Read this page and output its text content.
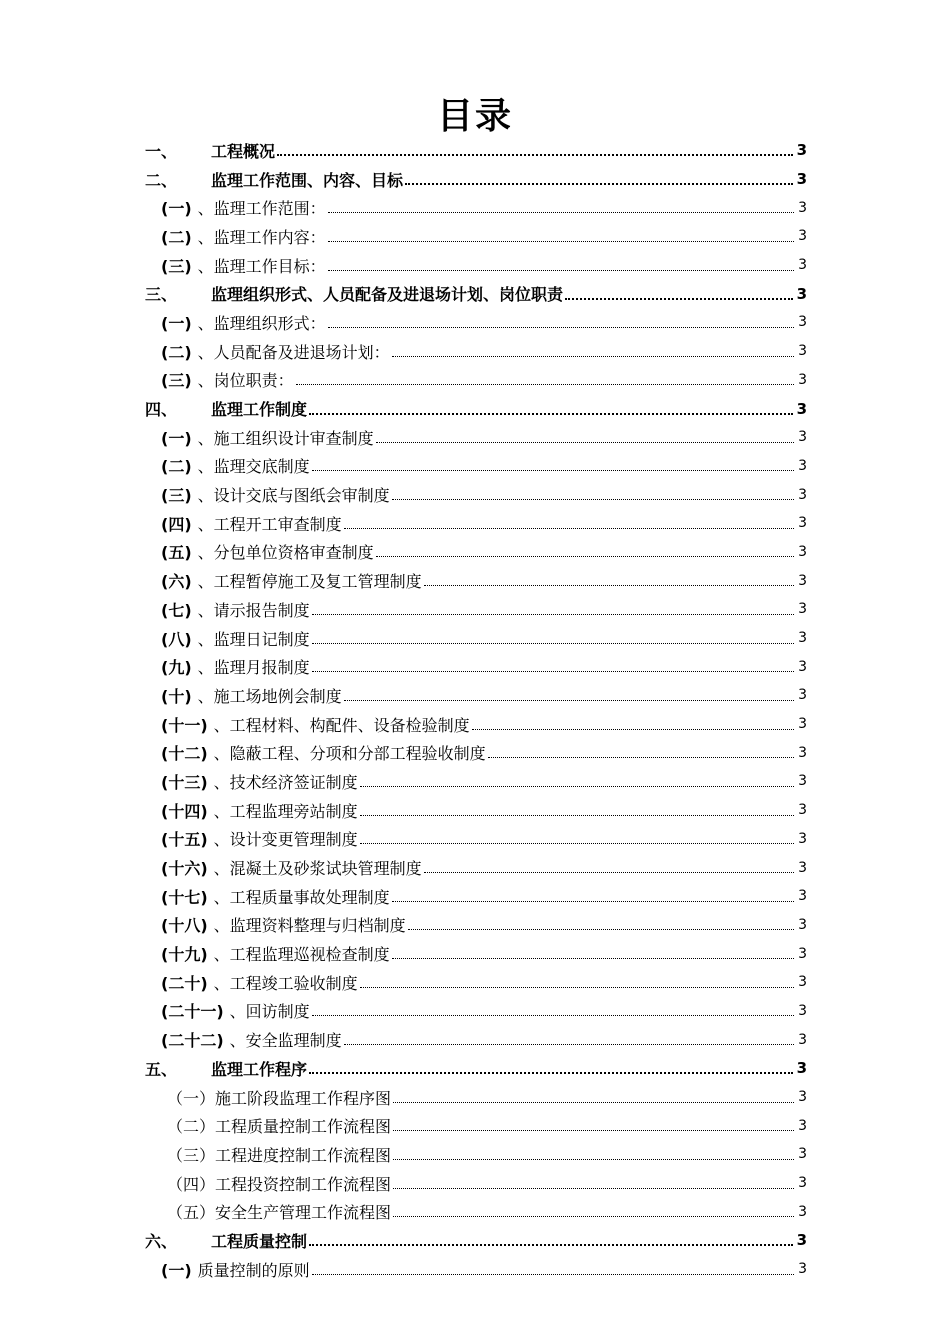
目录
一、	工程概况	3
二、	监理工作范围、内容、目标	3
(一) 、监理工作范围：	3
(二) 、监理工作内容：	3
(三) 、监理工作目标：	3
三、	监理组织形式、人员配备及进退场计划、岗位职责	3
(一) 、监理组织形式：	3
(二) 、人员配备及进退场计划：	3
(三) 、岗位职责：	3
四、	监理工作制度	3
(一) 、施工组织设计审查制度	3
(二) 、监理交底制度	3
(三) 、设计交底与图纸会审制度	3
(四) 、工程开工审查制度	3
(五) 、分包单位资格审查制度	3
(六) 、工程暂停施工及复工管理制度	3
(七) 、请示报告制度	3
(八) 、监理日记制度	3
(九) 、监理月报制度	3
(十) 、施工场地例会制度	3
(十一) 、工程材料、构配件、设备检验制度	3
(十二) 、隐蔽工程、分项和分部工程验收制度	3
(十三) 、技术经济签证制度	3
(十四) 、工程监理旁站制度	3
(十五) 、设计变更管理制度	3
(十六) 、混凝土及砂浆试块管理制度	3
(十七) 、工程质量事故处理制度	3
(十八) 、监理资料整理与归档制度	3
(十九) 、工程监理巡视检查制度	3
(二十) 、工程竣工验收制度	3
(二十一) 、回访制度	3
(二十二) 、安全监理制度	3
五、	监理工作程序	3
（一） 施工阶段监理工作程序图	3
（二） 工程质量控制工作流程图	3
（三） 工程进度控制工作流程图	3
（四） 工程投资控制工作流程图	3
（五） 安全生产管理工作流程图	3
六、	工程质量控制	3
(一) 质量控制的原则	3
